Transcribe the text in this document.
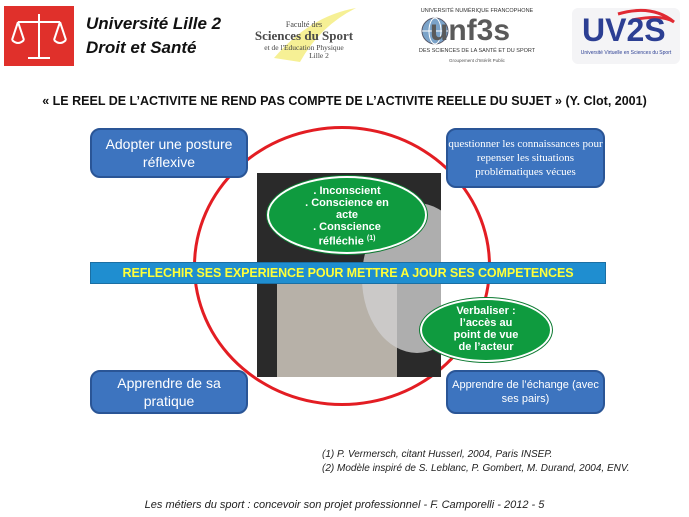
Université Lille 2
Droit et Santé
Faculté des
Sciences du Sport
et de l'Education Physique
Lille 2
UNIVERSITÉ NUMÉRIQUE FRANCOPHONE
unf3s
DES SCIENCES DE LA SANTÉ ET DU SPORT
Groupement d'Intérêt Public
UV2S
Université Virtuelle en Sciences du Sport
« LE REEL DE L’ACTIVITE NE REND PAS COMPTE DE L’ACTIVITE REELLE DU SUJET » (Y. Clot, 2001)
. Inconscient
. Conscience en
acte
. Conscience
réfléchie $^{(1)}$
REFLECHIR SES EXPERIENCE POUR METTRE A JOUR SES COMPETENCES
Verbaliser :
l’accès au
point de vue
de l’acteur
Adopter une posture réflexive
questionner les connaissances pour repenser les situations problématiques vécues
Apprendre de sa pratique
Apprendre de l’échange (avec ses pairs)
(1) P. Vermersch, citant Husserl, 2004, Paris INSEP.
(2) Modèle inspiré de S. Leblanc, P. Gombert, M. Durand, 2004, ENV.
Les métiers du sport : concevoir son projet professionnel - F. Camporelli - 2012 - 5
